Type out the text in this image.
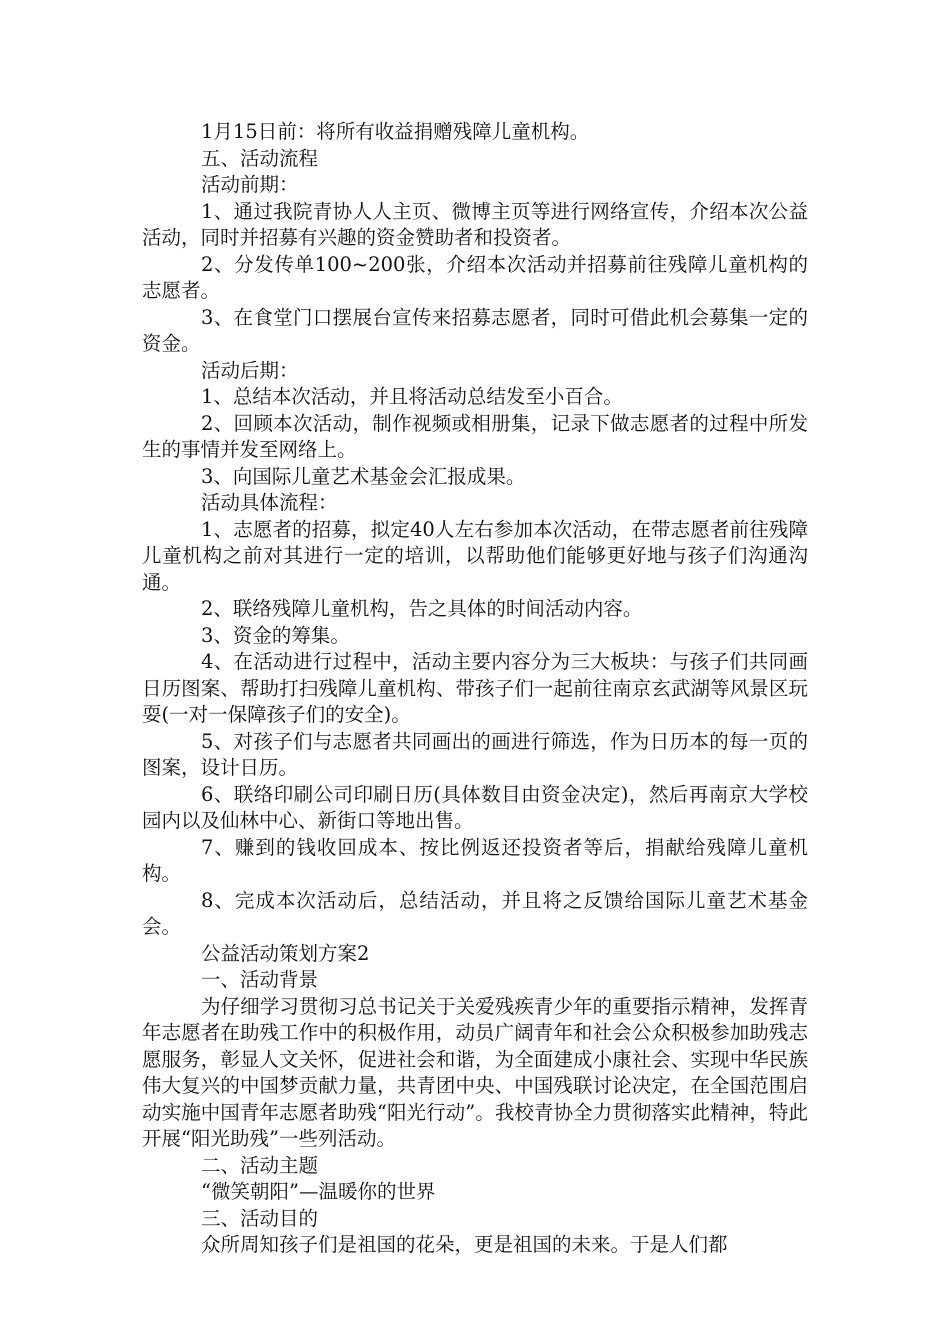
1月15日前：将所有收益捐赠残障儿童机构。

五、活动流程

活动前期：

1、通过我院青协人人主页、微博主页等进行网络宣传，介绍本次公益活动，同时并招募有兴趣的资金赞助者和投资者。

2、分发传单100~200张，介绍本次活动并招募前往残障儿童机构的志愿者。

3、在食堂门口摆展台宣传来招募志愿者，同时可借此机会募集一定的资金。

活动后期：

1、总结本次活动，并且将活动总结发至小百合。

2、回顾本次活动，制作视频或相册集，记录下做志愿者的过程中所发生的事情并发至网络上。

3、向国际儿童艺术基金会汇报成果。

活动具体流程：

1、志愿者的招募，拟定40人左右参加本次活动，在带志愿者前往残障儿童机构之前对其进行一定的培训，以帮助他们能够更好地与孩子们沟通沟通。

2、联络残障儿童机构，告之具体的时间活动内容。

3、资金的筹集。

4、在活动进行过程中，活动主要内容分为三大板块：与孩子们共同画日历图案、帮助打扫残障儿童机构、带孩子们一起前往南京玄武湖等风景区玩耍(一对一保障孩子们的安全)。

5、对孩子们与志愿者共同画出的画进行筛选，作为日历本的每一页的图案，设计日历。

6、联络印刷公司印刷日历(具体数目由资金决定)，然后再南京大学校园内以及仙林中心、新街口等地出售。

7、赚到的钱收回成本、按比例返还投资者等后，捐献给残障儿童机构。

8、完成本次活动后，总结活动，并且将之反馈给国际儿童艺术基金会。

公益活动策划方案2

一、活动背景

为仔细学习贯彻习总书记关于关爱残疾青少年的重要指示精神，发挥青年志愿者在助残工作中的积极作用，动员广阔青年和社会公众积极参加助残志愿服务，彰显人文关怀，促进社会和谐，为全面建成小康社会、实现中华民族伟大复兴的中国梦贡献力量，共青团中央、中国残联讨论决定，在全国范围启动实施中国青年志愿者助残“阳光行动”。我校青协全力贯彻落实此精神，特此开展“阳光助残”一些列活动。

二、活动主题

“微笑朝阳”—温暖你的世界

三、活动目的

众所周知孩子们是祖国的花朵，更是祖国的未来。于是人们都
